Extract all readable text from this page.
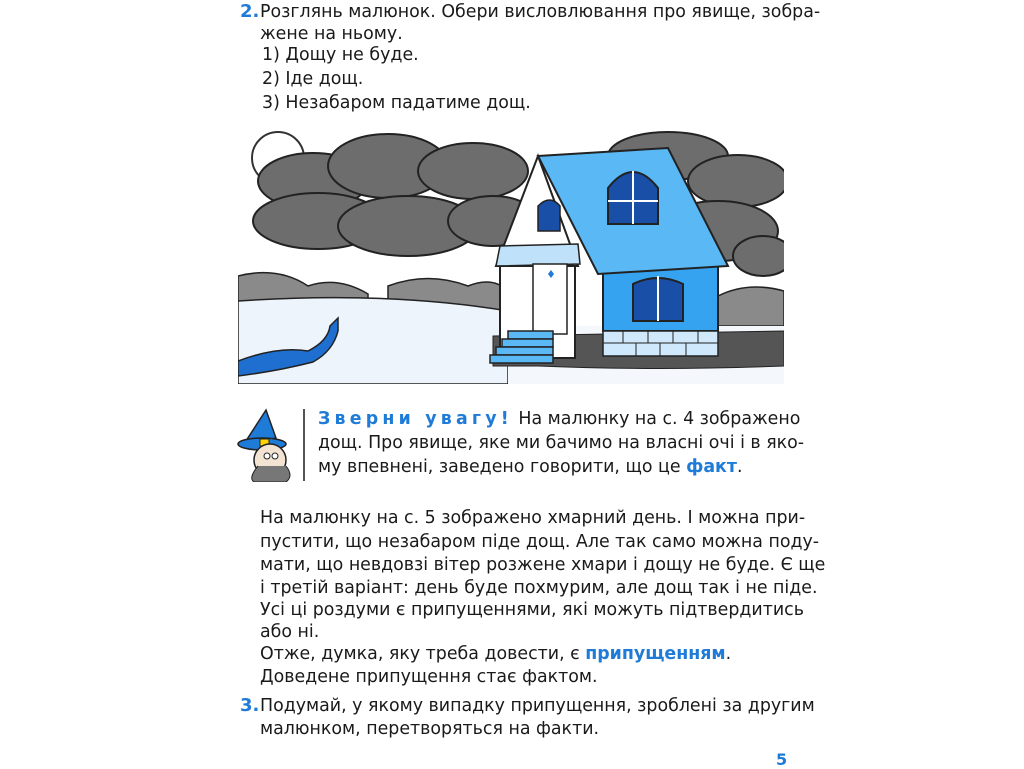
2. Розглянь малюнок. Обери висловлювання про явище, зобра-
жене на ньому.
1) Дощу не буде.
2) Іде дощ.
3) Незабаром падатиме дощ.
Зверни увагу! На малюнку на с. 4 зображено
дощ. Про явище, яке ми бачимо на власні очі і в яко-
му впевнені, заведено говорити, що це факт.
На малюнку на с. 5 зображено хмарний день. І можна при-
пустити, що незабаром піде дощ. Але так само можна поду-
мати, що невдовзі вітер розжене хмари і дощу не буде. Є ще
і третій варіант: день буде похмурим, але дощ так і не піде.
Усі ці роздуми є припущеннями, які можуть підтвердитись
або ні.
Отже, думка, яку треба довести, є припущенням.
Доведене припущення стає фактом.
3. Подумай, у якому випадку припущення, зроблені за другим
малюнком, перетворяться на факти.
5
